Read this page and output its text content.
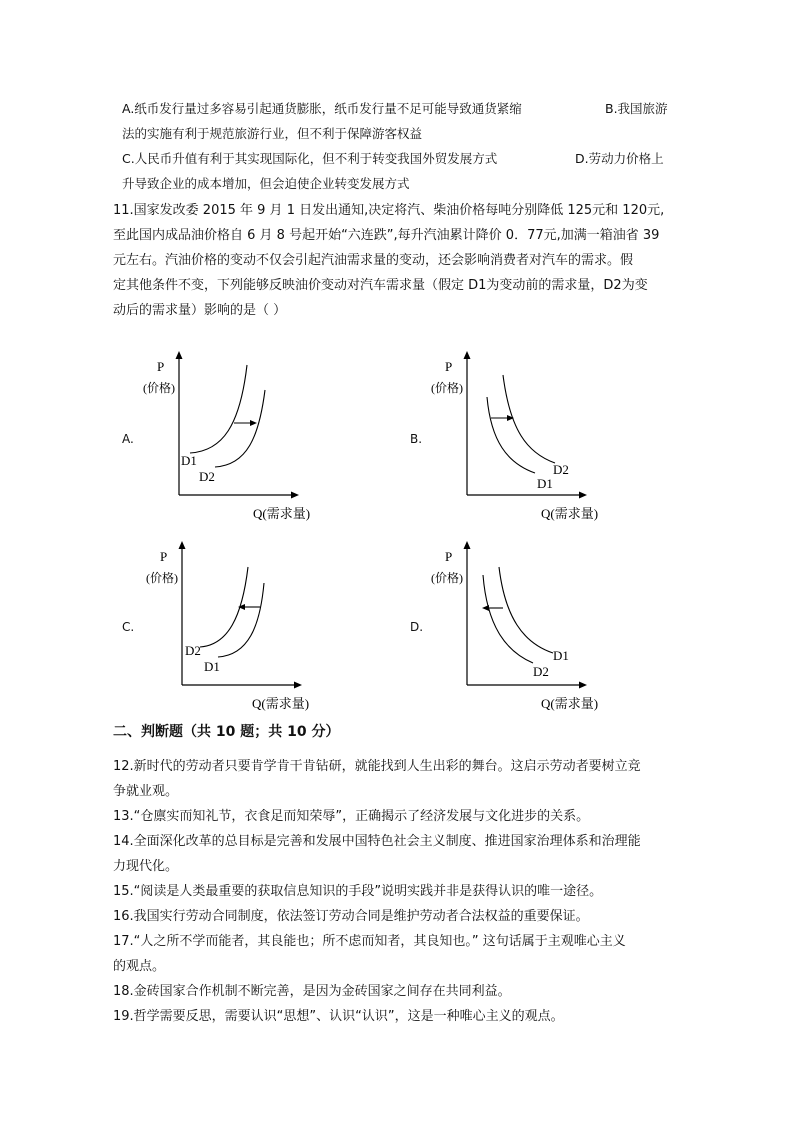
A.纸币发行量过多容易引起通货膨胀，纸币发行量不足可能导致通货紧缩	B.我国旅游
法的实施有利于规范旅游行业，但不利于保障游客权益
C.人民币升值有利于其实现国际化，但不利于转变我国外贸发展方式	D.劳动力价格上
升导致企业的成本增加，但会迫使企业转变发展方式
11.国家发改委 2015 年 9 月 1 日发出通知,决定将汽、柴油价格每吨分别降低 125元和 120元,
至此国内成品油价格自 6 月 8 号起开始“六连跌”,每升汽油累计降价 0．77元,加满一箱油省 39
元左右。汽油价格的变动不仅会引起汽油需求量的变动，还会影响消费者对汽车的需求。假
定其他条件不变，下列能够反映油价变动对汽车需求量（假定 D1为变动前的需求量，D2为变
动后的需求量）影响的是（ ）
A.
P
(价格)
D1
D2
Q(需求量)
B.
P
(价格)
D1
D2
Q(需求量)
C.
P
(价格)
D2
D1
Q(需求量)
D.
P
(价格)
D1
D2
Q(需求量)
二、判断题（共 10 题；共 10 分）
12.新时代的劳动者只要肯学肯干肯钻研，就能找到人生出彩的舞台。这启示劳动者要树立竞
争就业观。
13.“仓廪实而知礼节，衣食足而知荣辱”，正确揭示了经济发展与文化进步的关系。
14.全面深化改革的总目标是完善和发展中国特色社会主义制度、推进国家治理体系和治理能
力现代化。
15.“阅读是人类最重要的获取信息知识的手段”说明实践并非是获得认识的唯一途径。
16.我国实行劳动合同制度，依法签订劳动合同是维护劳动者合法权益的重要保证。
17.“人之所不学而能者，其良能也；所不虑而知者，其良知也。” 这句话属于主观唯心主义
的观点。
18.金砖国家合作机制不断完善，是因为金砖国家之间存在共同利益。
19.哲学需要反思，需要认识“思想”、认识“认识”，这是一种唯心主义的观点。
